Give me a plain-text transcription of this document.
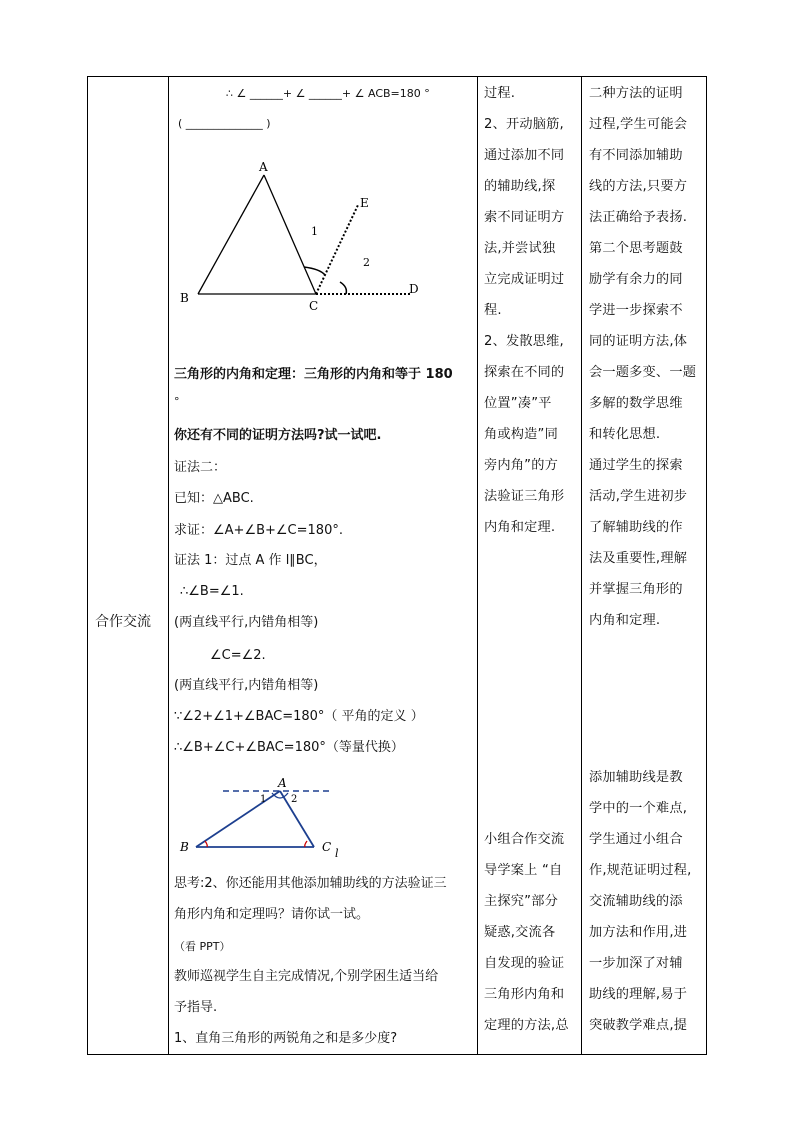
合作交流
∴ ∠ ______+ ∠ ______+ ∠ ACB=180 °
( ______________ )
A
B
C
D
E
1
2
三角形的内角和定理：三角形的内角和等于 180
°
你还有不同的证明方法吗?试一试吧.
证法二：
已知：△ABC.
求证：∠A+∠B+∠C=180°.
证法 1：过点 A 作 l∥BC，
∴∠B=∠1.
(两直线平行,内错角相等)
∠C=∠2.
(两直线平行,内错角相等)
∵∠2+∠1+∠BAC=180°（ 平角的定义 ）
∴∠B+∠C+∠BAC=180°（等量代换）
A
B	C l
1 2
思考:2、你还能用其他添加辅助线的方法验证三
角形内角和定理吗？请你试一试。
（看 PPT）
教师巡视学生自主完成情况,个别学困生适当给
予指导.
1、直角三角形的两锐角之和是多少度?
过程.
2、开动脑筋,
通过添加不同
的辅助线,探
索不同证明方
法,并尝试独
立完成证明过
程.
2、发散思维,
探索在不同的
位置”凑”平
角或构造”同
旁内角”的方
法验证三角形
内角和定理.
小组合作交流
导学案上 “自
主探究”部分
疑惑,交流各
自发现的验证
三角形内角和
定理的方法,总
二种方法的证明
过程,学生可能会
有不同添加辅助
线的方法,只要方
法正确给予表扬.
第二个思考题鼓
励学有余力的同
学进一步探索不
同的证明方法,体
会一题多变、一题
多解的数学思维
和转化思想.
通过学生的探索
活动,学生进初步
了解辅助线的作
法及重要性,理解
并掌握三角形的
内角和定理.
添加辅助线是教
学中的一个难点,
学生通过小组合
作,规范证明过程,
交流辅助线的添
加方法和作用,进
一步加深了对辅
助线的理解,易于
突破教学难点,提
